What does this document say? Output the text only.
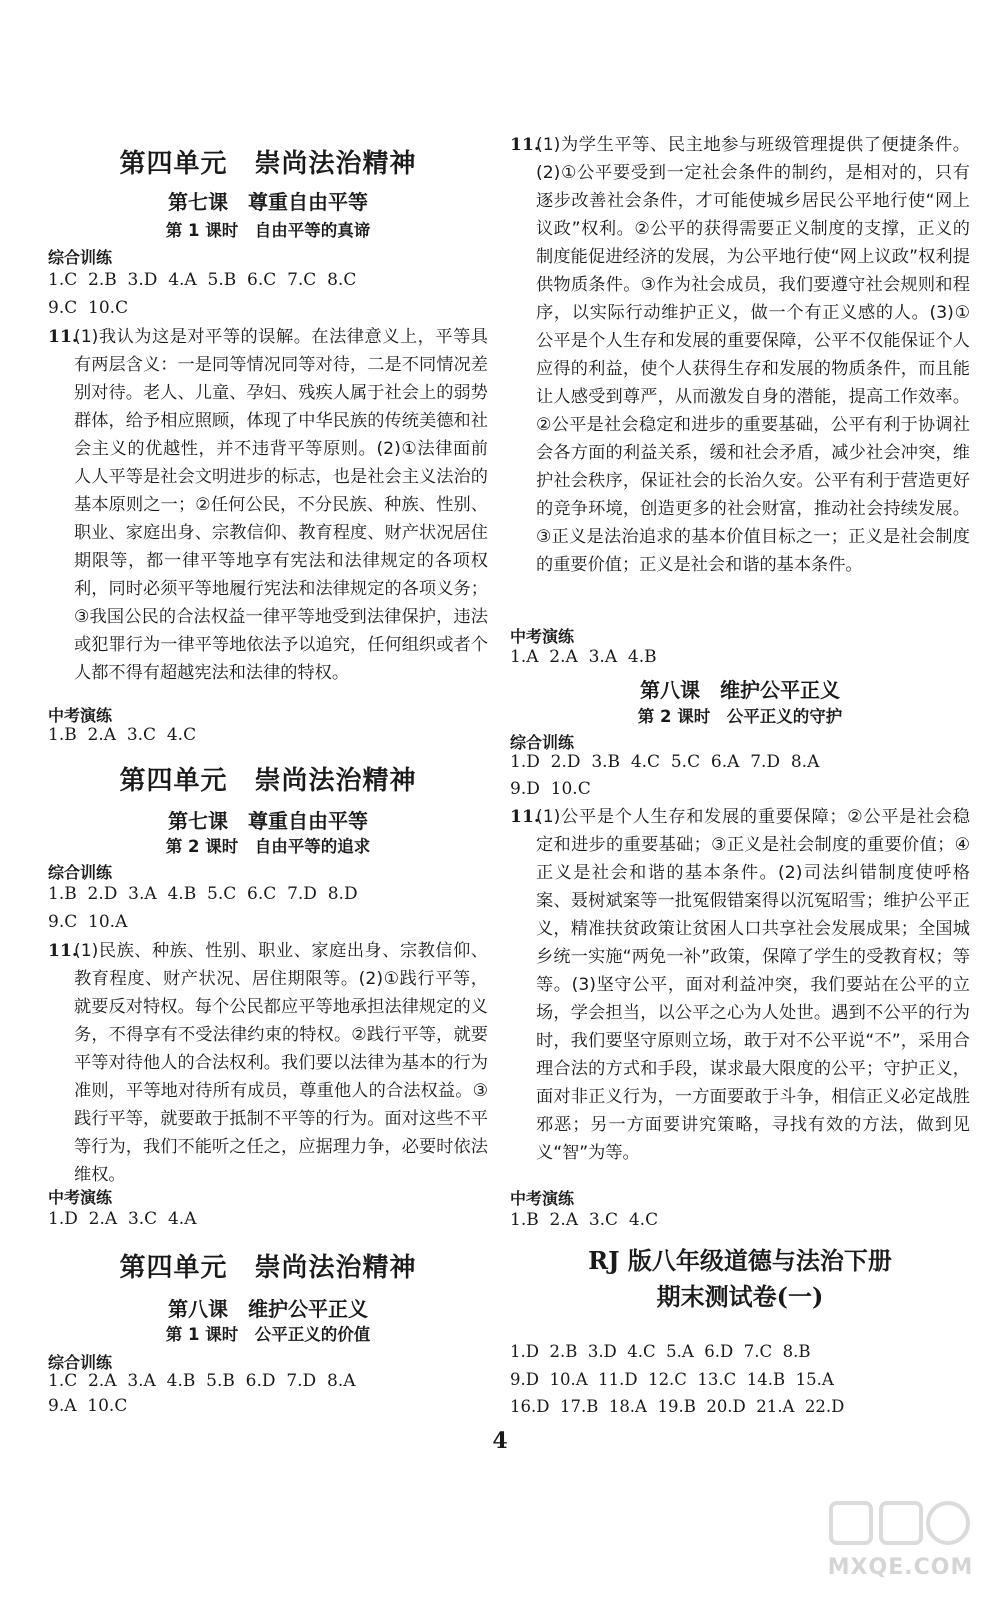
第四单元　崇尚法治精神
第七课　尊重自由平等
第 1 课时　自由平等的真谛
综合训练
1.C  2.B  3.D  4.A  5.B  6.C  7.C  8.C
9.C  10.C
11.
(1)我认为这是对平等的误解。在法律意义上，平等具有两层含义：一是同等情况同等对待，二是不同情况差别对待。老人、儿童、孕妇、残疾人属于社会上的弱势群体，给予相应照顾，体现了中华民族的传统美德和社会主义的优越性，并不违背平等原则。(2)①法律面前人人平等是社会文明进步的标志，也是社会主义法治的基本原则之一；②任何公民，不分民族、种族、性别、职业、家庭出身、宗教信仰、教育程度、财产状况居住期限等，都一律平等地享有宪法和法律规定的各项权利，同时必须平等地履行宪法和法律规定的各项义务；③我国公民的合法权益一律平等地受到法律保护，违法或犯罪行为一律平等地依法予以追究，任何组织或者个人都不得有超越宪法和法律的特权。
中考演练
1.B  2.A  3.C  4.C
第四单元　崇尚法治精神
第七课　尊重自由平等
第 2 课时　自由平等的追求
综合训练
1.B  2.D  3.A  4.B  5.C  6.C  7.D  8.D
9.C  10.A
11.
(1)民族、种族、性别、职业、家庭出身、宗教信仰、教育程度、财产状况、居住期限等。(2)①践行平等，就要反对特权。每个公民都应平等地承担法律规定的义务，不得享有不受法律约束的特权。②践行平等，就要平等对待他人的合法权利。我们要以法律为基本的行为准则，平等地对待所有成员，尊重他人的合法权益。③践行平等，就要敢于抵制不平等的行为。面对这些不平等行为，我们不能听之任之，应据理力争，必要时依法维权。
中考演练
1.D  2.A  3.C  4.A
第四单元　崇尚法治精神
第八课　维护公平正义
第 1 课时　公平正义的价值
综合训练
1.C  2.A  3.A  4.B  5.B  6.D  7.D  8.A
9.A  10.C
11.
(1)为学生平等、民主地参与班级管理提供了便捷条件。(2)①公平要受到一定社会条件的制约，是相对的，只有逐步改善社会条件，才可能使城乡居民公平地行使“网上议政”权利。②公平的获得需要正义制度的支撑，正义的制度能促进经济的发展，为公平地行使“网上议政”权利提供物质条件。③作为社会成员，我们要遵守社会规则和程序，以实际行动维护正义，做一个有正义感的人。(3)①公平是个人生存和发展的重要保障，公平不仅能保证个人应得的利益，使个人获得生存和发展的物质条件，而且能让人感受到尊严，从而激发自身的潜能，提高工作效率。②公平是社会稳定和进步的重要基础，公平有利于协调社会各方面的利益关系，缓和社会矛盾，减少社会冲突，维护社会秩序，保证社会的长治久安。公平有利于营造更好的竞争环境，创造更多的社会财富，推动社会持续发展。③正义是法治追求的基本价值目标之一；正义是社会制度的重要价值；正义是社会和谐的基本条件。
中考演练
1.A  2.A  3.A  4.B
第八课　维护公平正义
第 2 课时　公平正义的守护
综合训练
1.D  2.D  3.B  4.C  5.C  6.A  7.D  8.A
9.D  10.C
11.
(1)公平是个人生存和发展的重要保障；②公平是社会稳定和进步的重要基础；③正义是社会制度的重要价值；④正义是社会和谐的基本条件。(2)司法纠错制度使呼格案、聂树斌案等一批冤假错案得以沉冤昭雪；维护公平正义，精准扶贫政策让贫困人口共享社会发展成果；全国城乡统一实施“两免一补”政策，保障了学生的受教育权；等等。(3)坚守公平，面对利益冲突，我们要站在公平的立场，学会担当，以公平之心为人处世。遇到不公平的行为时，我们要坚守原则立场，敢于对不公平说“不”，采用合理合法的方式和手段，谋求最大限度的公平；守护正义，面对非正义行为，一方面要敢于斗争，相信正义必定战胜邪恶；另一方面要讲究策略，寻找有效的方法，做到见义“智”为等。
中考演练
1.B  2.A  3.C  4.C
RJ 版八年级道德与法治下册
期末测试卷(一)
1.D  2.B  3.D  4.C  5.A  6.D  7.C  8.B
9.D  10.A  11.D  12.C  13.C  14.B  15.A
16.D  17.B  18.A  19.B  20.D  21.A  22.D
4
MXQE.COM
